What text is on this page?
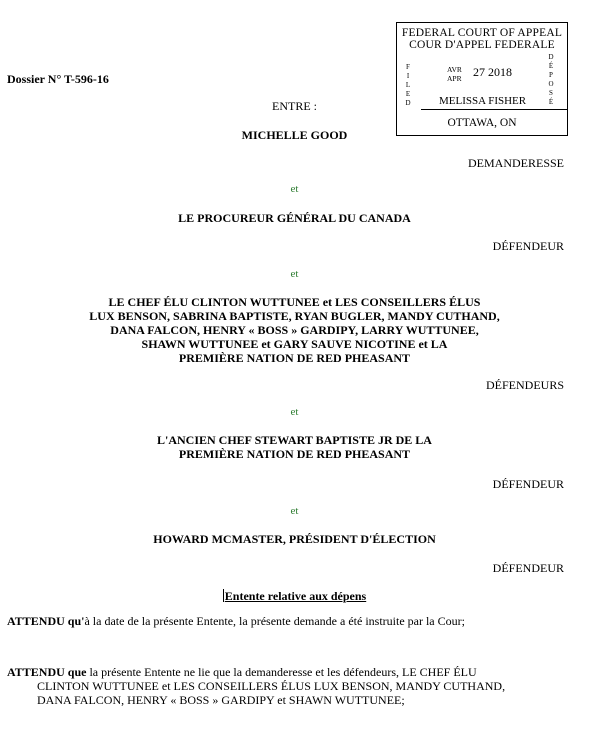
FEDERAL COURT OF APPEAL
COUR D'APPEL FEDERALE
F
I
L
E
D
D
É
P
O
S
É
AVR
APR 27 2018
MELISSA FISHER
OTTAWA, ON
Dossier N° T-596-16
ENTRE :
MICHELLE GOOD
DEMANDERESSE
et
LE PROCUREUR GÉNÉRAL DU CANADA
DÉFENDEUR
et
LE CHEF ÉLU CLINTON WUTTUNEE et LES CONSEILLERS ÉLUS
LUX BENSON, SABRINA BAPTISTE, RYAN BUGLER, MANDY CUTHAND,
DANA FALCON, HENRY « BOSS » GARDIPY, LARRY WUTTUNEE,
SHAWN WUTTUNEE et GARY SAUVE NICOTINE et LA
PREMIÈRE NATION DE RED PHEASANT
DÉFENDEURS
et
L'ANCIEN CHEF STEWART BAPTISTE JR DE LA
PREMIÈRE NATION DE RED PHEASANT
DÉFENDEUR
et
HOWARD MCMASTER, PRÉSIDENT D'ÉLECTION
DÉFENDEUR
Entente relative aux dépens
ATTENDU qu'à la date de la présente Entente, la présente demande a été instruite par la Cour;
ATTENDU que la présente Entente ne lie que la demanderesse et les défendeurs, LE CHEF ÉLU
CLINTON WUTTUNEE et LES CONSEILLERS ÉLUS LUX BENSON, MANDY CUTHAND,
DANA FALCON, HENRY « BOSS » GARDIPY et SHAWN WUTTUNEE;
